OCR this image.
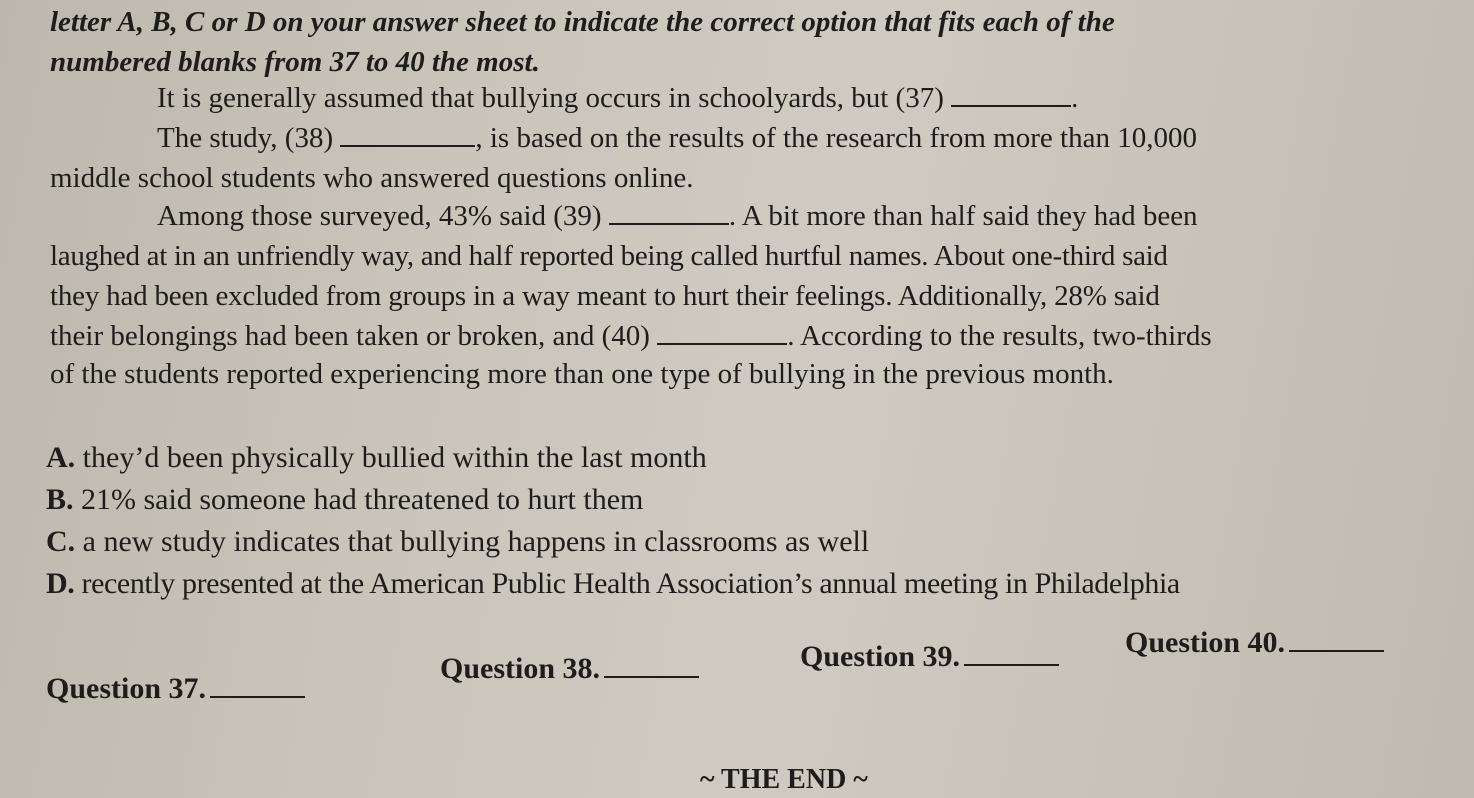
letter A, B, C or D on your answer sheet to indicate the correct option that fits each of the
numbered blanks from 37 to 40 the most.
It is generally assumed that bullying occurs in schoolyards, but (37)	.
The study, (38)	, is based on the results of the research from more than 10,000
middle school students who answered questions online.
Among those surveyed, 43% said (39)	. A bit more than half said they had been
laughed at in an unfriendly way, and half reported being called hurtful names. About one-third said
they had been excluded from groups in a way meant to hurt their feelings. Additionally, 28% said
their belongings had been taken or broken, and (40)	. According to the results, two-thirds
of the students reported experiencing more than one type of bullying in the previous month.
A. they’d been physically bullied within the last month
B. 21% said someone had threatened to hurt them
C. a new study indicates that bullying happens in classrooms as well
D. recently presented at the American Public Health Association’s annual meeting in Philadelphia
Question 37.
Question 38.	Question 39.	Question 40.
~ THE END ~
